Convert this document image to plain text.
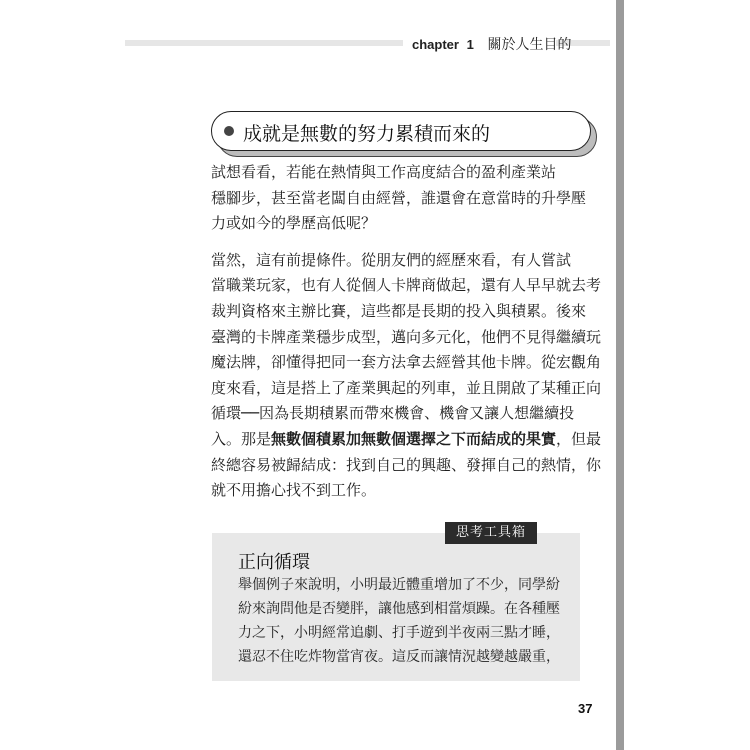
chapter 1 關於人生目的
成就是無數的努力累積而來的

試想看看，若能在熱情與工作高度結合的盈利產業站
穩腳步，甚至當老闆自由經營，誰還會在意當時的升學壓
力或如今的學歷高低呢？

當然，這有前提條件。從朋友們的經歷來看，有人嘗試
當職業玩家，也有人從個人卡牌商做起，還有人早早就去考
裁判資格來主辦比賽，這些都是長期的投入與積累。後來
臺灣的卡牌產業穩步成型，邁向多元化，他們不見得繼續玩
魔法牌，卻懂得把同一套方法拿去經營其他卡牌。從宏觀角
度來看，這是搭上了產業興起的列車，並且開啟了某種正向
循環──因為長期積累而帶來機會、機會又讓人想繼續投
入。那是無數個積累加無數個選擇之下而結成的果實，但最
終總容易被歸結成：找到自己的興趣、發揮自己的熱情，你
就不用擔心找不到工作。

思考工具箱
正向循環
舉個例子來說明，小明最近體重增加了不少，同學紛
紛來詢問他是否變胖，讓他感到相當煩躁。在各種壓
力之下，小明經常追劇、打手遊到半夜兩三點才睡，
還忍不住吃炸物當宵夜。這反而讓情況越變越嚴重，
37
